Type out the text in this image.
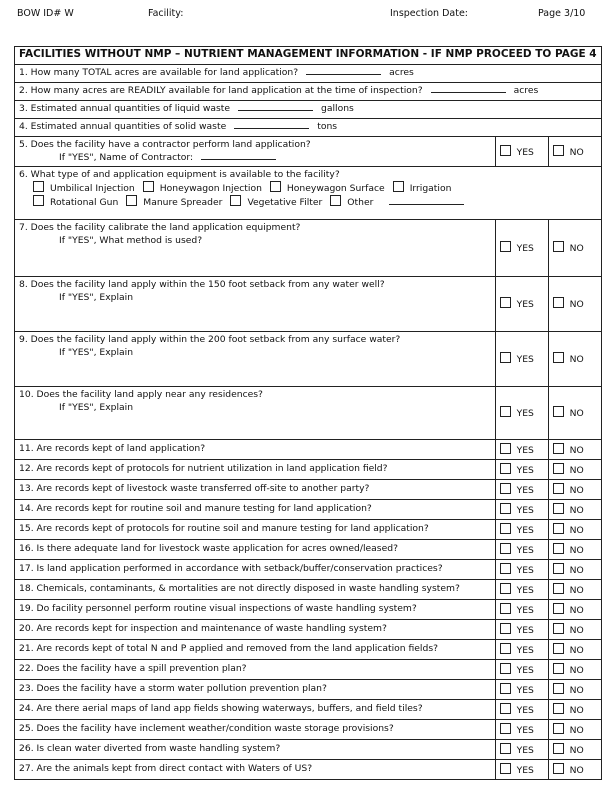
BOW ID# W	Facility:	Inspection Date:	Page 3/10
FACILITIES WITHOUT NMP – NUTRIENT MANAGEMENT INFORMATION - IF NMP PROCEED TO PAGE 4		
1. How many TOTAL acres are available for land application? acres		
2. How many acres are READILY available for land application at the time of inspection? acres		
3. Estimated annual quantities of liquid waste gallons		
4. Estimated annual quantities of solid waste tons		

5. Does the facility have a contractor perform land application?
If "YES", Name of Contractor:	YES	NO

6. What type of and application equipment is available to the facility?
Umbilical Injection Honeywagon Injection Honeywagon Surface Irrigation
Rotational Gun Manure Spreader Vegetative Filter Other		

7. Does the facility calibrate the land application equipment?
If "YES", What method is used?	YES	NO

8. Does the facility land apply within the 150 foot setback from any water well?
If "YES", Explain	YES	NO

9. Does the facility land apply within the 200 foot setback from any surface water?
If "YES", Explain	YES	NO

10. Does the facility land apply near any residences?
If "YES", Explain	YES	NO
11. Are records kept of land application?	YES	NO
12. Are records kept of protocols for nutrient utilization in land application field?	YES	NO
13. Are records kept of livestock waste transferred off-site to another party?	YES	NO
14. Are records kept for routine soil and manure testing for land application?	YES	NO
15. Are records kept of protocols for routine soil and manure testing for land application?	YES	NO
16. Is there adequate land for livestock waste application for acres owned/leased?	YES	NO
17. Is land application performed in accordance with setback/buffer/conservation practices?	YES	NO
18. Chemicals, contaminants, & mortalities are not directly disposed in waste handling system?	YES	NO
19. Do facility personnel perform routine visual inspections of waste handling system?	YES	NO
20. Are records kept for inspection and maintenance of waste handling system?	YES	NO
21. Are records kept of total N and P applied and removed from the land application fields?	YES	NO
22. Does the facility have a spill prevention plan?	YES	NO
23. Does the facility have a storm water pollution prevention plan?	YES	NO
24. Are there aerial maps of land app fields showing waterways, buffers, and field tiles?	YES	NO
25. Does the facility have inclement weather/condition waste storage provisions?	YES	NO
26. Is clean water diverted from waste handling system?	YES	NO
27. Are the animals kept from direct contact with Waters of US?	YES	NO
